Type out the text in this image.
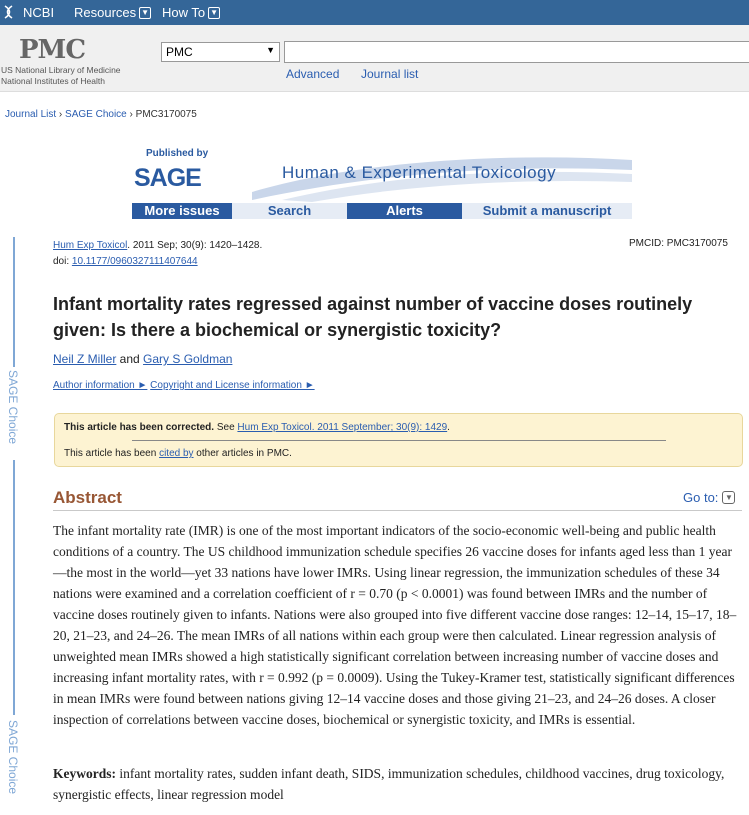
NCBI Resources ▼ How To ▼
PMC
US National Library of Medicine
National Institutes of Health
PMC	▼
Advanced Journal list
Journal List › SAGE Choice › PMC3170075
Published by
SAGE	Human & Experimental Toxicology
More issues	Search	Alerts	Submit a manuscript
SAGE Choice
SAGE Choice
Hum Exp Toxicol. 2011 Sep; 30(9): 1420–1428.
doi: 10.1177/0960327111407644
PMCID: PMC3170075
Infant mortality rates regressed against number of vaccine doses routinely given: Is there a biochemical or synergistic toxicity?
Neil Z Miller and Gary S Goldman
Author information ► Copyright and License information ►
This article has been corrected. See Hum Exp Toxicol. 2011 September; 30(9): 1429.
This article has been cited by other articles in PMC.
Abstract	Go to: ▼
The infant mortality rate (IMR) is one of the most important indicators of the socio-economic well-being and public health conditions of a country. The US childhood immunization schedule specifies 26 vaccine doses for infants aged less than 1 year—the most in the world—yet 33 nations have lower IMRs. Using linear regression, the immunization schedules of these 34 nations were examined and a correlation coefficient of r = 0.70 (p < 0.0001) was found between IMRs and the number of vaccine doses routinely given to infants. Nations were also grouped into five different vaccine dose ranges: 12–14, 15–17, 18–20, 21–23, and 24–26. The mean IMRs of all nations within each group were then calculated. Linear regression analysis of unweighted mean IMRs showed a high statistically significant correlation between increasing number of vaccine doses and increasing infant mortality rates, with r = 0.992 (p = 0.0009). Using the Tukey-Kramer test, statistically significant differences in mean IMRs were found between nations giving 12–14 vaccine doses and those giving 21–23, and 24–26 doses. A closer inspection of correlations between vaccine doses, biochemical or synergistic toxicity, and IMRs is essential.
Keywords: infant mortality rates, sudden infant death, SIDS, immunization schedules, childhood vaccines, drug toxicology, synergistic effects, linear regression model
